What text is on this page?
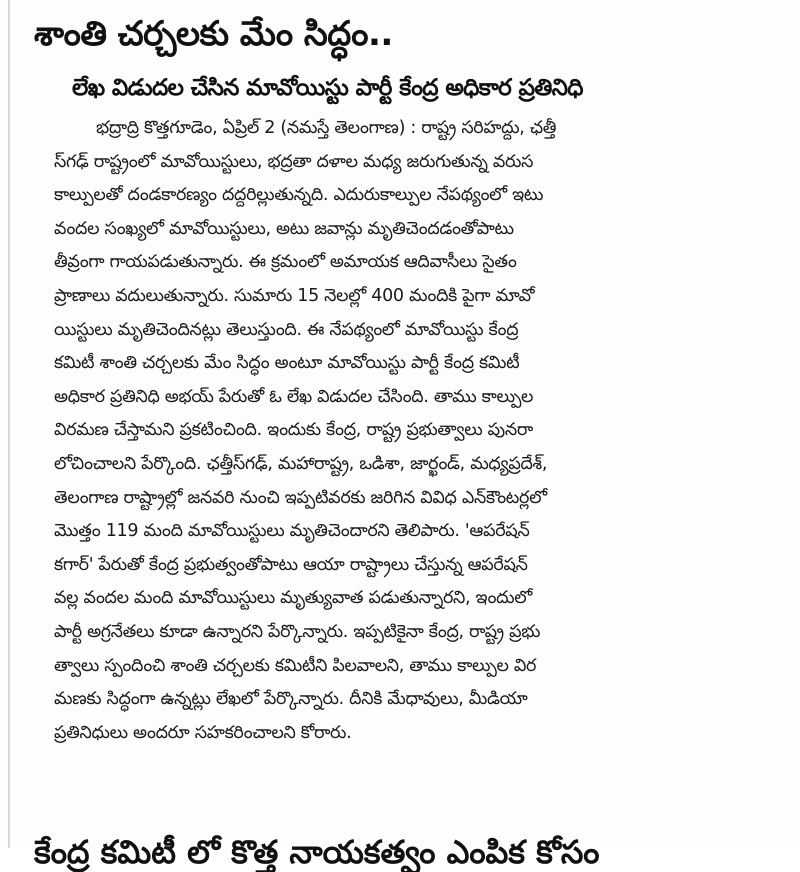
శాంతి చర్చలకు మేం సిద్ధం..
లేఖ విడుదల చేసిన మావోయిస్టు పార్టీ కేంద్ర అధికార ప్రతినిధి
భద్రాద్రి కొత్తగూడెం, ఏప్రిల్ 2 (నమస్తే తెలంగాణ) : రాష్ట్ర సరిహద్దు, ఛత్తీ
స్‌గఢ్ రాష్ట్రంలో మావోయిస్టులు, భద్రతా దళాల మధ్య జరుగుతున్న వరుస
కాల్పులతో దండకారణ్యం దద్దరిల్లుతున్నది. ఎదురుకాల్పుల నేపథ్యంలో ఇటు
వందల సంఖ్యలో మావోయిస్టులు, అటు జవాన్లు మృతిచెందడంతోపాటు
తీవ్రంగా గాయపడుతున్నారు. ఈ క్రమంలో అమాయక ఆదివాసీలు సైతం
ప్రాణాలు వదులుతున్నారు. సుమారు 15 నెలల్లో 400 మందికి పైగా మావో
యిస్టులు మృతిచెందినట్లు తెలుస్తుంది. ఈ నేపథ్యంలో మావోయిస్టు కేంద్ర
కమిటీ శాంతి చర్చలకు మేం సిద్ధం అంటూ మావోయిస్టు పార్టీ కేంద్ర కమిటీ
అధికార ప్రతినిధి అభయ్ పేరుతో ఓ లేఖ విడుదల చేసింది. తాము కాల్పుల
విరమణ చేస్తామని ప్రకటించింది. ఇందుకు కేంద్ర, రాష్ట్ర ప్రభుత్వాలు పునరా
లోచించాలని పేర్కొంది. ఛత్తీస్‌గఢ్, మహారాష్ట్ర, ఒడిశా, జార్ఖండ్, మధ్యప్రదేశ్,
తెలంగాణ రాష్ట్రాల్లో జనవరి నుంచి ఇప్పటివరకు జరిగిన వివిధ ఎన్‌కౌంటర్లలో
మొత్తం 119 మంది మావోయిస్టులు మృతిచెందారని తెలిపారు. 'ఆపరేషన్
కగార్' పేరుతో కేంద్ర ప్రభుత్వంతోపాటు ఆయా రాష్ట్రాలు చేస్తున్న ఆపరేషన్
వల్ల వందల మంది మావోయిస్టులు మృత్యువాత పడుతున్నారని, ఇందులో
పార్టీ అగ్రనేతలు కూడా ఉన్నారని పేర్కొన్నారు. ఇప్పటికైనా కేంద్ర, రాష్ట్ర ప్రభు
త్వాలు స్పందించి శాంతి చర్చలకు కమిటీని పిలవాలని, తాము కాల్పుల విర
మణకు సిద్ధంగా ఉన్నట్లు లేఖలో పేర్కొన్నారు. దీనికి మేధావులు, మీడియా
ప్రతినిధులు అందరూ సహకరించాలని కోరారు.
కేంద్ర కమిటీ లో కొత్త నాయకత్వం ఎంపిక కోసం
